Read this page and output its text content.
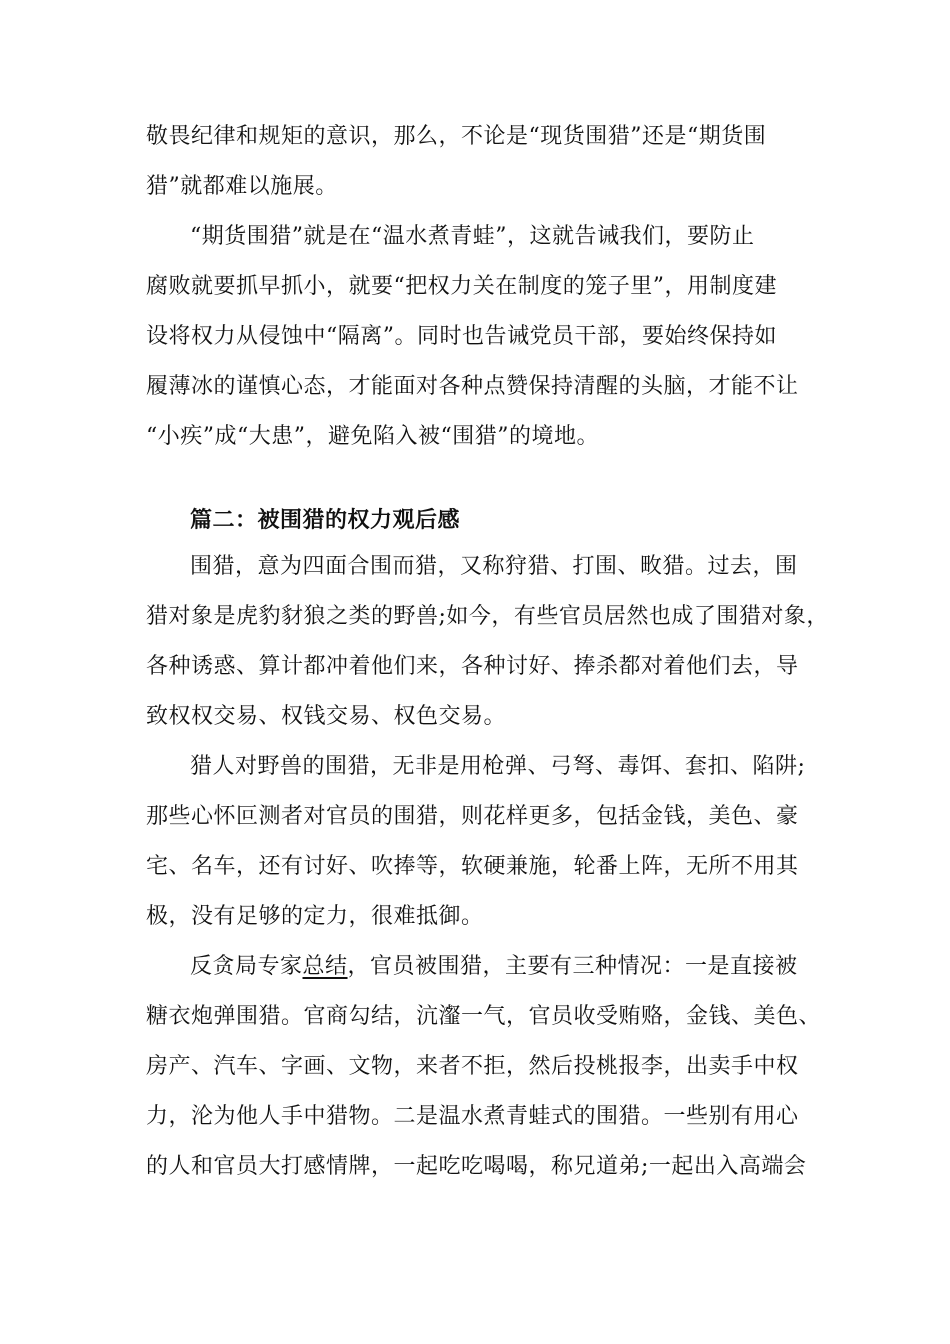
敬畏纪律和规矩的意识，那么，不论是“现货围猎”还是“期货围
猎”就都难以施展。
“期货围猎”就是在“温水煮青蛙”，这就告诫我们，要防止
腐败就要抓早抓小，就要“把权力关在制度的笼子里”，用制度建
设将权力从侵蚀中“隔离”。同时也告诫党员干部，要始终保持如
履薄冰的谨慎心态，才能面对各种点赞保持清醒的头脑，才能不让
“小疾”成“大患”，避免陷入被“围猎”的境地。
篇二：被围猎的权力观后感
围猎，意为四面合围而猎，又称狩猎、打围、畋猎。过去，围
猎对象是虎豹豺狼之类的野兽;如今，有些官员居然也成了围猎对象，
各种诱惑、算计都冲着他们来，各种讨好、捧杀都对着他们去，导
致权权交易、权钱交易、权色交易。
猎人对野兽的围猎，无非是用枪弹、弓弩、毒饵、套扣、陷阱;
那些心怀叵测者对官员的围猎，则花样更多，包括金钱，美色、豪
宅、名车，还有讨好、吹捧等，软硬兼施，轮番上阵，无所不用其
极，没有足够的定力，很难抵御。
反贪局专家总结，官员被围猎，主要有三种情况：一是直接被
糖衣炮弹围猎。官商勾结，沆瀣一气，官员收受贿赂，金钱、美色、
房产、汽车、字画、文物，来者不拒，然后投桃报李，出卖手中权
力，沦为他人手中猎物。二是温水煮青蛙式的围猎。一些别有用心
的人和官员大打感情牌，一起吃吃喝喝，称兄道弟;一起出入高端会
